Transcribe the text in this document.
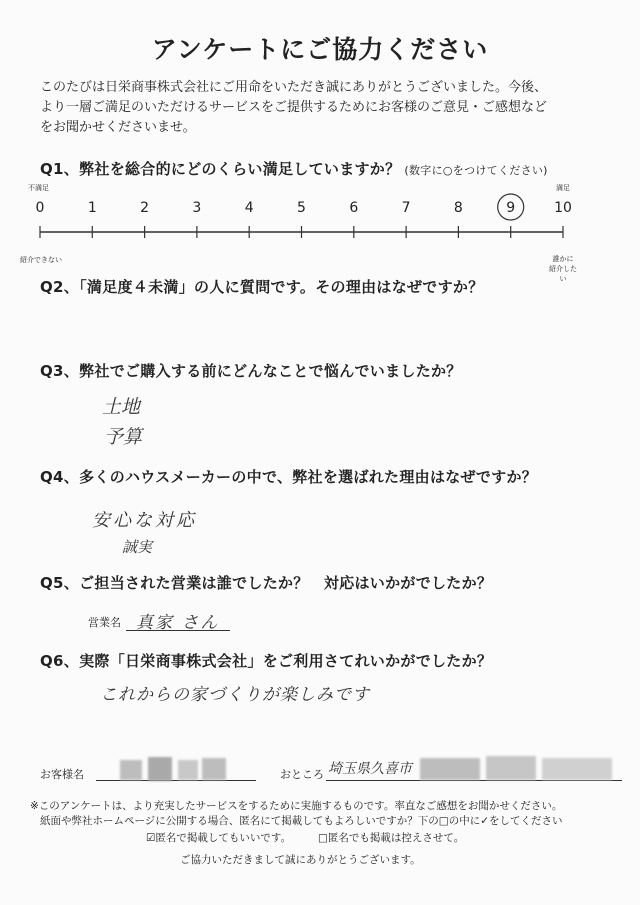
アンケートにご協力ください
このたびは日栄商事株式会社にご用命をいただき誠にありがとうございました。今後、
より一層ご満足のいただけるサービスをご提供するためにお客様のご意見・ご感想など
をお聞かせくださいませ。
Q1、弊社を総合的にどのくらい満足していますか？ (数字に○をつけてください)
不満足	満足
0	1	2	3	4	5	6	7	8	9	10
紹介できない	誰かに
紹介したい
Q2、「満足度４未満」の人に質問です。その理由はなぜですか？
Q3、弊社でご購入する前にどんなことで悩んでいましたか？
土地
予算
Q4、多くのハウスメーカーの中で、弊社を選ばれた理由はなぜですか？
安心な対応
誠実
Q5、ご担当された営業は誰でしたか？　対応はいかがでしたか？
営業名 真家 さん
Q6、実際「日栄商事株式会社」をご利用さてれいかがでしたか？
これからの家づくりが楽しみです
お客様名	おところ 埼玉県久喜市
※このアンケートは、より充実したサービスをするために実施するものです。率直なご感想をお聞かせください。
紙面や弊社ホームページに公開する場合、匿名にて掲載してもよろしいですか？下の□の中に✓をしてください
☑匿名で掲載してもいいです。	□匿名でも掲載は控えさせて。
ご協力いただきまして誠にありがとうございます。
